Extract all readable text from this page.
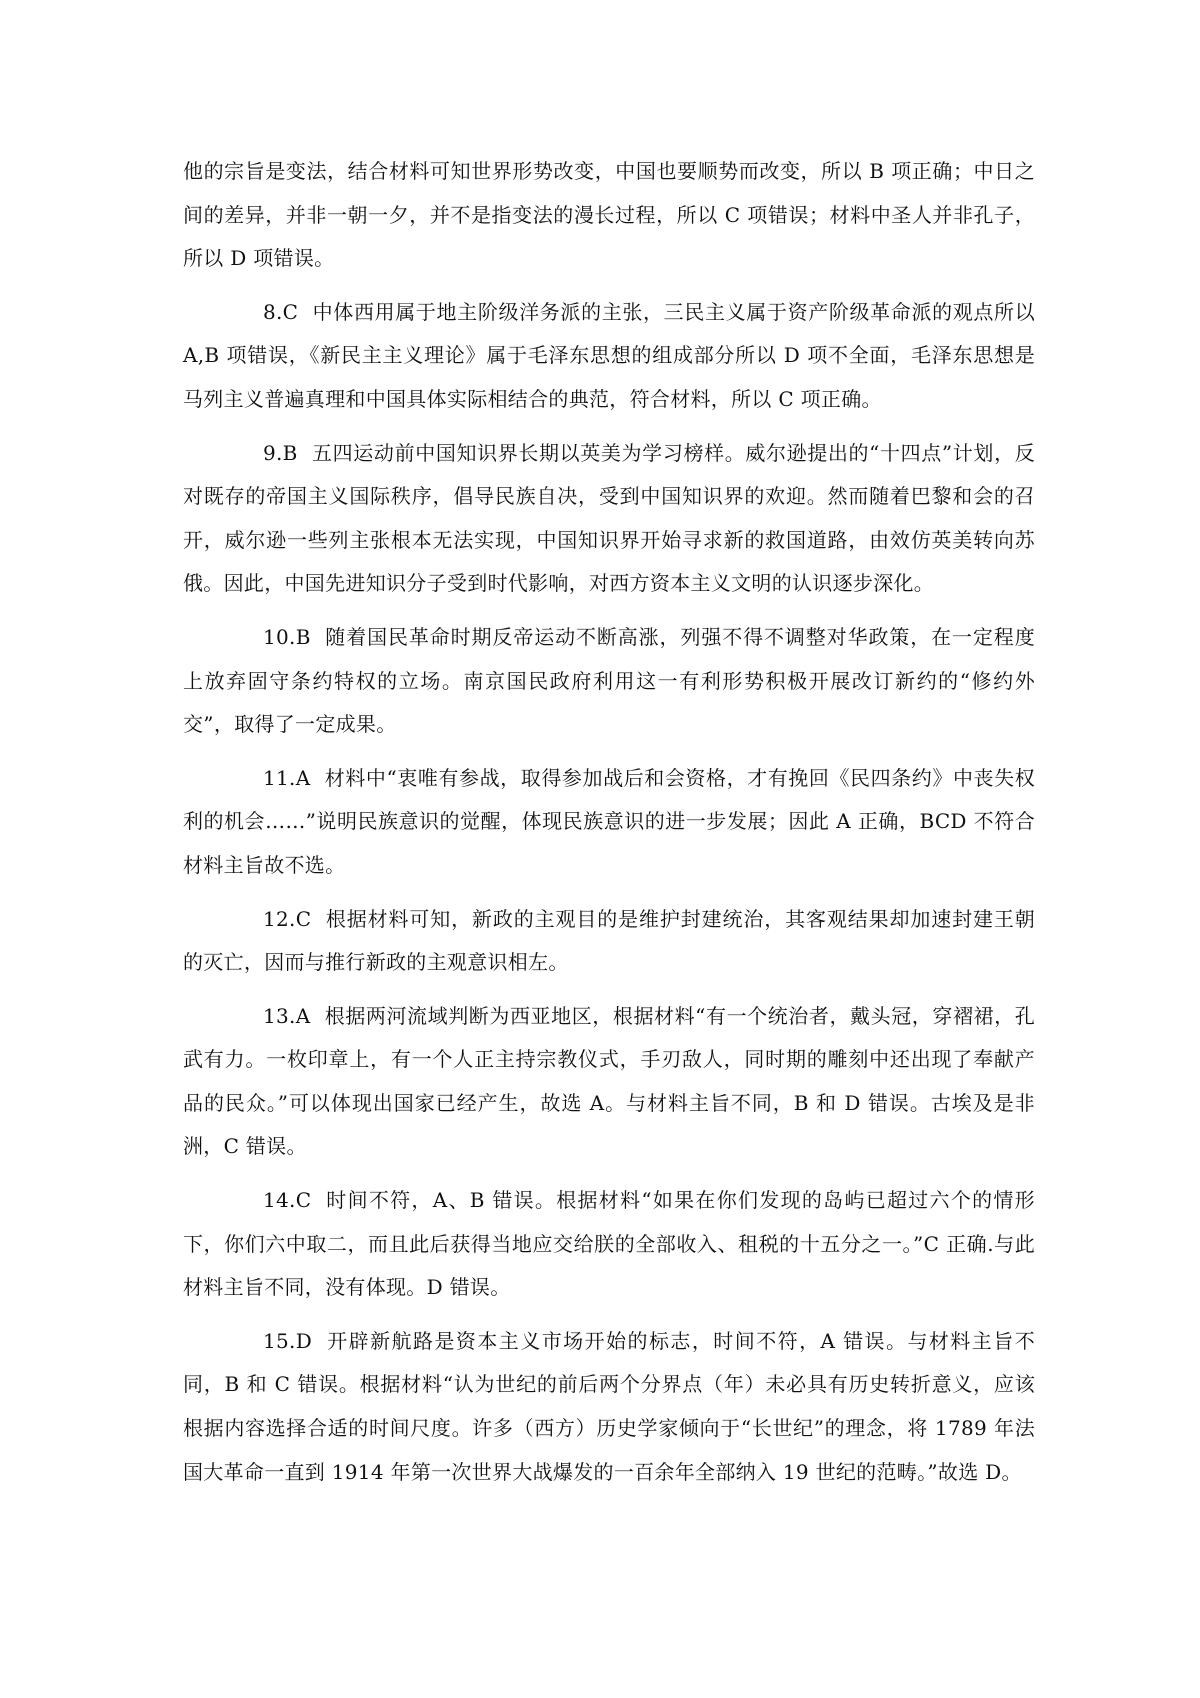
他的宗旨是变法，结合材料可知世界形势改变，中国也要顺势而改变，所以 B 项正确；中日之间的差异，并非一朝一夕，并不是指变法的漫长过程，所以 C 项错误；材料中圣人并非孔子，所以 D 项错误。

8.C 中体西用属于地主阶级洋务派的主张，三民主义属于资产阶级革命派的观点所以 A,B 项错误，《新民主主义理论》属于毛泽东思想的组成部分所以 D 项不全面，毛泽东思想是马列主义普遍真理和中国具体实际相结合的典范，符合材料，所以 C 项正确。

9.B 五四运动前中国知识界长期以英美为学习榜样。威尔逊提出的“十四点”计划，反对既存的帝国主义国际秩序，倡导民族自决，受到中国知识界的欢迎。然而随着巴黎和会的召开，威尔逊一些列主张根本无法实现，中国知识界开始寻求新的救国道路，由效仿英美转向苏俄。因此，中国先进知识分子受到时代影响，对西方资本主义文明的认识逐步深化。

10.B 随着国民革命时期反帝运动不断高涨，列强不得不调整对华政策，在一定程度上放弃固守条约特权的立场。南京国民政府利用这一有利形势积极开展改订新约的“修约外交”，取得了一定成果。

11.A 材料中“衷唯有参战，取得参加战后和会资格，才有挽回《民四条约》中丧失权利的机会……”说明民族意识的觉醒，体现民族意识的进一步发展；因此 A 正确，BCD 不符合材料主旨故不选。

12.C 根据材料可知，新政的主观目的是维护封建统治，其客观结果却加速封建王朝的灭亡，因而与推行新政的主观意识相左。

13.A 根据两河流域判断为西亚地区，根据材料“有一个统治者，戴头冠，穿褶裙，孔武有力。一枚印章上，有一个人正主持宗教仪式，手刃敌人，同时期的雕刻中还出现了奉献产品的民众。”可以体现出国家已经产生，故选 A。与材料主旨不同，B 和 D 错误。古埃及是非洲，C 错误。

14.C 时间不符，A、B 错误。根据材料“如果在你们发现的岛屿已超过六个的情形下，你们六中取二，而且此后获得当地应交给朕的全部收入、租税的十五分之一。”C 正确.与此材料主旨不同，没有体现。D 错误。

15.D 开辟新航路是资本主义市场开始的标志，时间不符，A 错误。与材料主旨不同，B 和 C 错误。根据材料“认为世纪的前后两个分界点（年）未必具有历史转折意义，应该根据内容选择合适的时间尺度。许多（西方）历史学家倾向于“长世纪”的理念，将 1789 年法国大革命一直到 1914 年第一次世界大战爆发的一百余年全部纳入 19 世纪的范畴。”故选 D。
